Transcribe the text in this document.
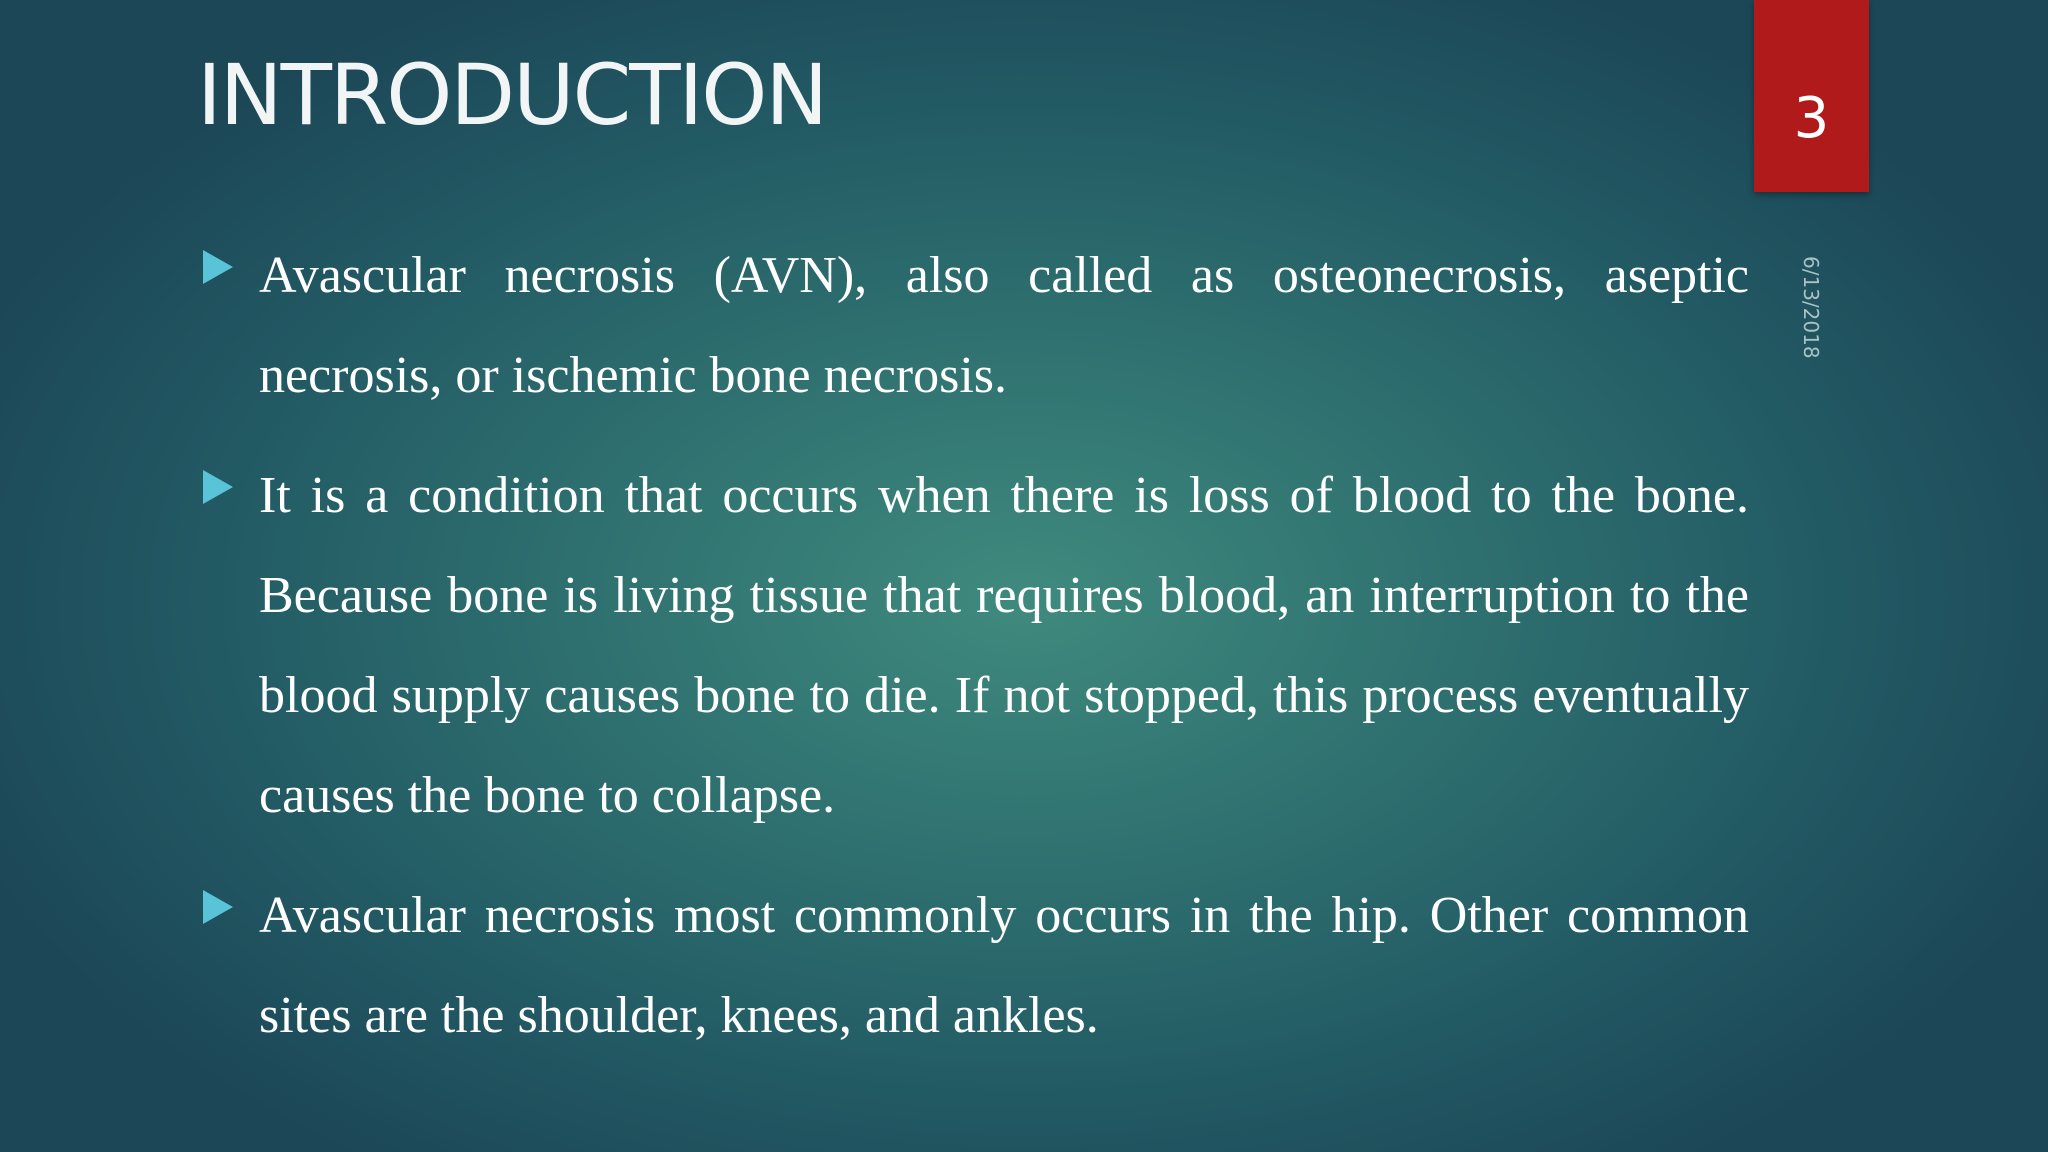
INTRODUCTION	3
6/13/2018
Avascular necrosis (AVN), also called as osteonecrosis, aseptic necrosis, or ischemic bone necrosis.
It is a condition that occurs when there is loss of blood to the bone. Because bone is living tissue that requires blood, an interruption to the blood supply causes bone to die. If not stopped, this process eventually causes the bone to collapse.
Avascular necrosis most commonly occurs in the hip. Other common sites are the shoulder, knees, and ankles.
